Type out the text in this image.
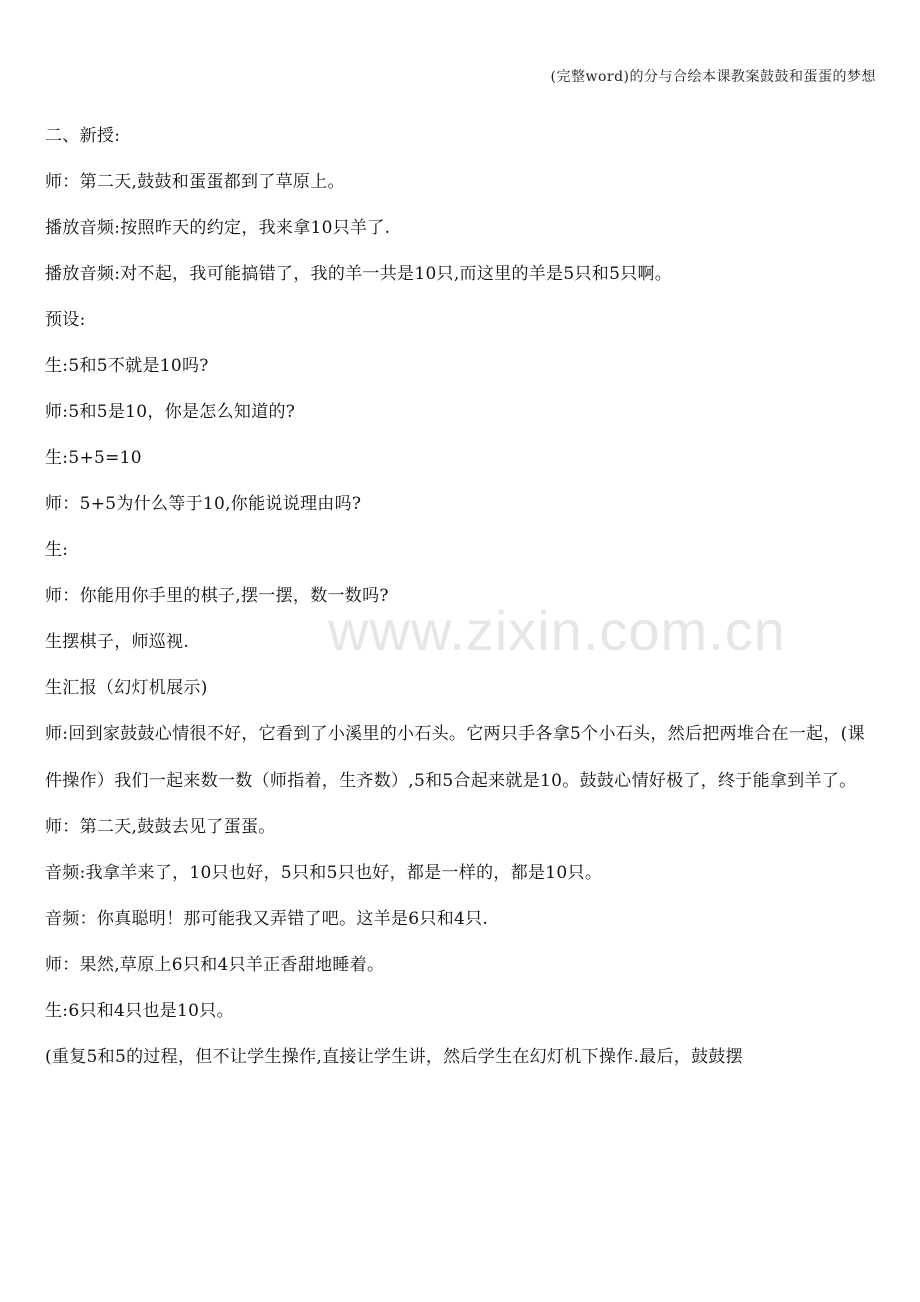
(完整word)的分与合绘本课教案鼓鼓和蛋蛋的梦想
www.zixin.com.cn

二、新授:

师：第二天,鼓鼓和蛋蛋都到了草原上。

播放音频:按照昨天的约定，我来拿10只羊了.

播放音频:对不起，我可能搞错了，我的羊一共是10只,而这里的羊是5只和5只啊。

预设:

生:5和5不就是10吗?

师:5和5是10，你是怎么知道的?

生:5+5=10

师：5+5为什么等于10,你能说说理由吗?

生:

师：你能用你手里的棋子,摆一摆，数一数吗?

生摆棋子，师巡视.

生汇报（幻灯机展示)

师:回到家鼓鼓心情很不好，它看到了小溪里的小石头。它两只手各拿5个小石头，然后把两堆合在一起，(课件操作）我们一起来数一数（师指着，生齐数）,5和5合起来就是10。鼓鼓心情好极了，终于能拿到羊了。

师：第二天,鼓鼓去见了蛋蛋。

音频:我拿羊来了，10只也好，5只和5只也好，都是一样的，都是10只。

音频：你真聪明！那可能我又弄错了吧。这羊是6只和4只.

师：果然,草原上6只和4只羊正香甜地睡着。

生:6只和4只也是10只。

(重复5和5的过程，但不让学生操作,直接让学生讲，然后学生在幻灯机下操作.最后，鼓鼓摆
